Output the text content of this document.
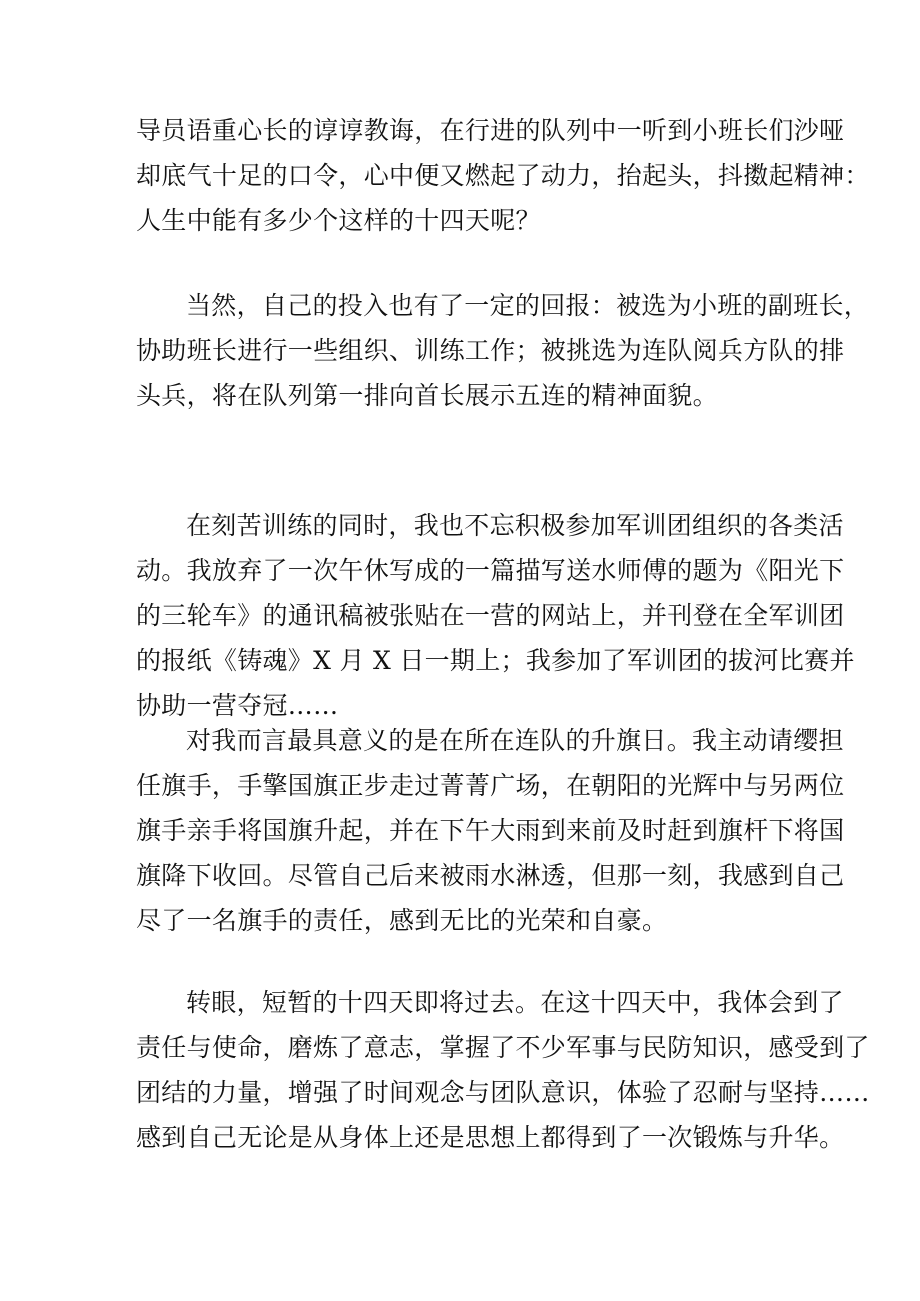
导员语重心长的谆谆教诲，在行进的队列中一听到小班长们沙哑
却底气十足的口令，心中便又燃起了动力，抬起头，抖擞起精神：
人生中能有多少个这样的十四天呢？
当然，自己的投入也有了一定的回报：被选为小班的副班长，
协助班长进行一些组织、训练工作；被挑选为连队阅兵方队的排
头兵，将在队列第一排向首长展示五连的精神面貌。
在刻苦训练的同时，我也不忘积极参加军训团组织的各类活
动。我放弃了一次午休写成的一篇描写送水师傅的题为《阳光下
的三轮车》的通讯稿被张贴在一营的网站上，并刊登在全军训团
的报纸《铸魂》X 月 X 日一期上；我参加了军训团的拔河比赛并
协助一营夺冠……
对我而言最具意义的是在所在连队的升旗日。我主动请缨担
任旗手，手擎国旗正步走过菁菁广场，在朝阳的光辉中与另两位
旗手亲手将国旗升起，并在下午大雨到来前及时赶到旗杆下将国
旗降下收回。尽管自己后来被雨水淋透，但那一刻，我感到自己
尽了一名旗手的责任，感到无比的光荣和自豪。
转眼，短暂的十四天即将过去。在这十四天中，我体会到了
责任与使命，磨炼了意志，掌握了不少军事与民防知识，感受到了
团结的力量，增强了时间观念与团队意识，体验了忍耐与坚持……
感到自己无论是从身体上还是思想上都得到了一次锻炼与升华。
